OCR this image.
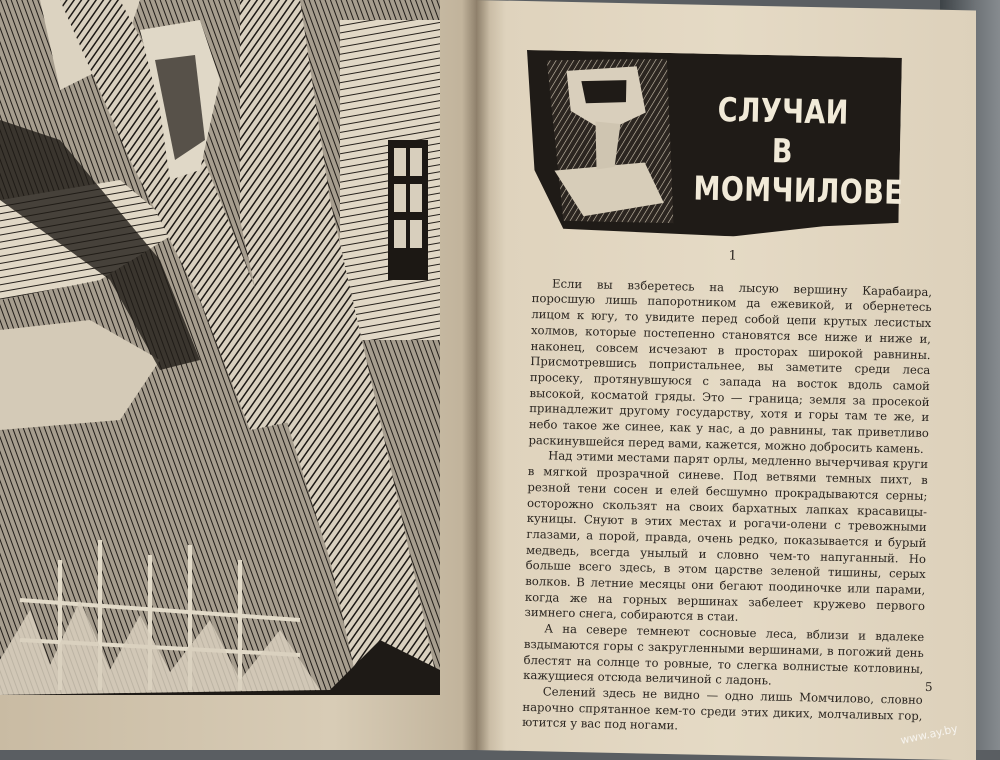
СЛУЧАИ
В МОМЧИЛОВЕ
1

Если вы взберетесь на лысую вершину Карабаира, поросшую лишь папоротником да ежевикой, и обернетесь лицом к югу, то увидите перед собой цепи крутых лесистых холмов, которые постепенно становятся все ниже и ниже и, наконец, совсем исчезают в просторах широкой равнины. Присмотревшись попристальнее, вы заметите среди леса просеку, протянувшуюся с запада на восток вдоль самой высокой, косматой гряды. Это — граница; земля за просекой принадлежит другому государству, хотя и горы там те же, и небо такое же синее, как у нас, а до равнины, так приветливо раскинувшейся перед вами, кажется, можно добросить камень.

Над этими местами парят орлы, медленно вычерчивая круги в мягкой прозрачной синеве. Под ветвями темных пихт, в резной тени сосен и елей бесшумно прокрадываются серны; осторожно скользят на своих бархатных лапках красавицы-куницы. Снуют в этих местах и рогачи-олени с тревожными глазами, а порой, правда, очень редко, показывается и бурый медведь, всегда унылый и словно чем-то напуганный. Но больше всего здесь, в этом царстве зеленой тишины, серых волков. В летние месяцы они бегают поодиночке или парами, когда же на горных вершинах забелеет кружево первого зимнего снега, собираются в стаи.

А на севере темнеют сосновые леса, вблизи и вдалеке вздымаются горы с закругленными вершинами, в погожий день блестят на солнце то ровные, то слегка волнистые котловины, кажущиеся отсюда величиной с ладонь.

Селений здесь не видно — одно лишь Момчилово, словно нарочно спрятанное кем-то среди этих диких, молчаливых гор, ютится у вас под ногами.

5
www.ay.by
